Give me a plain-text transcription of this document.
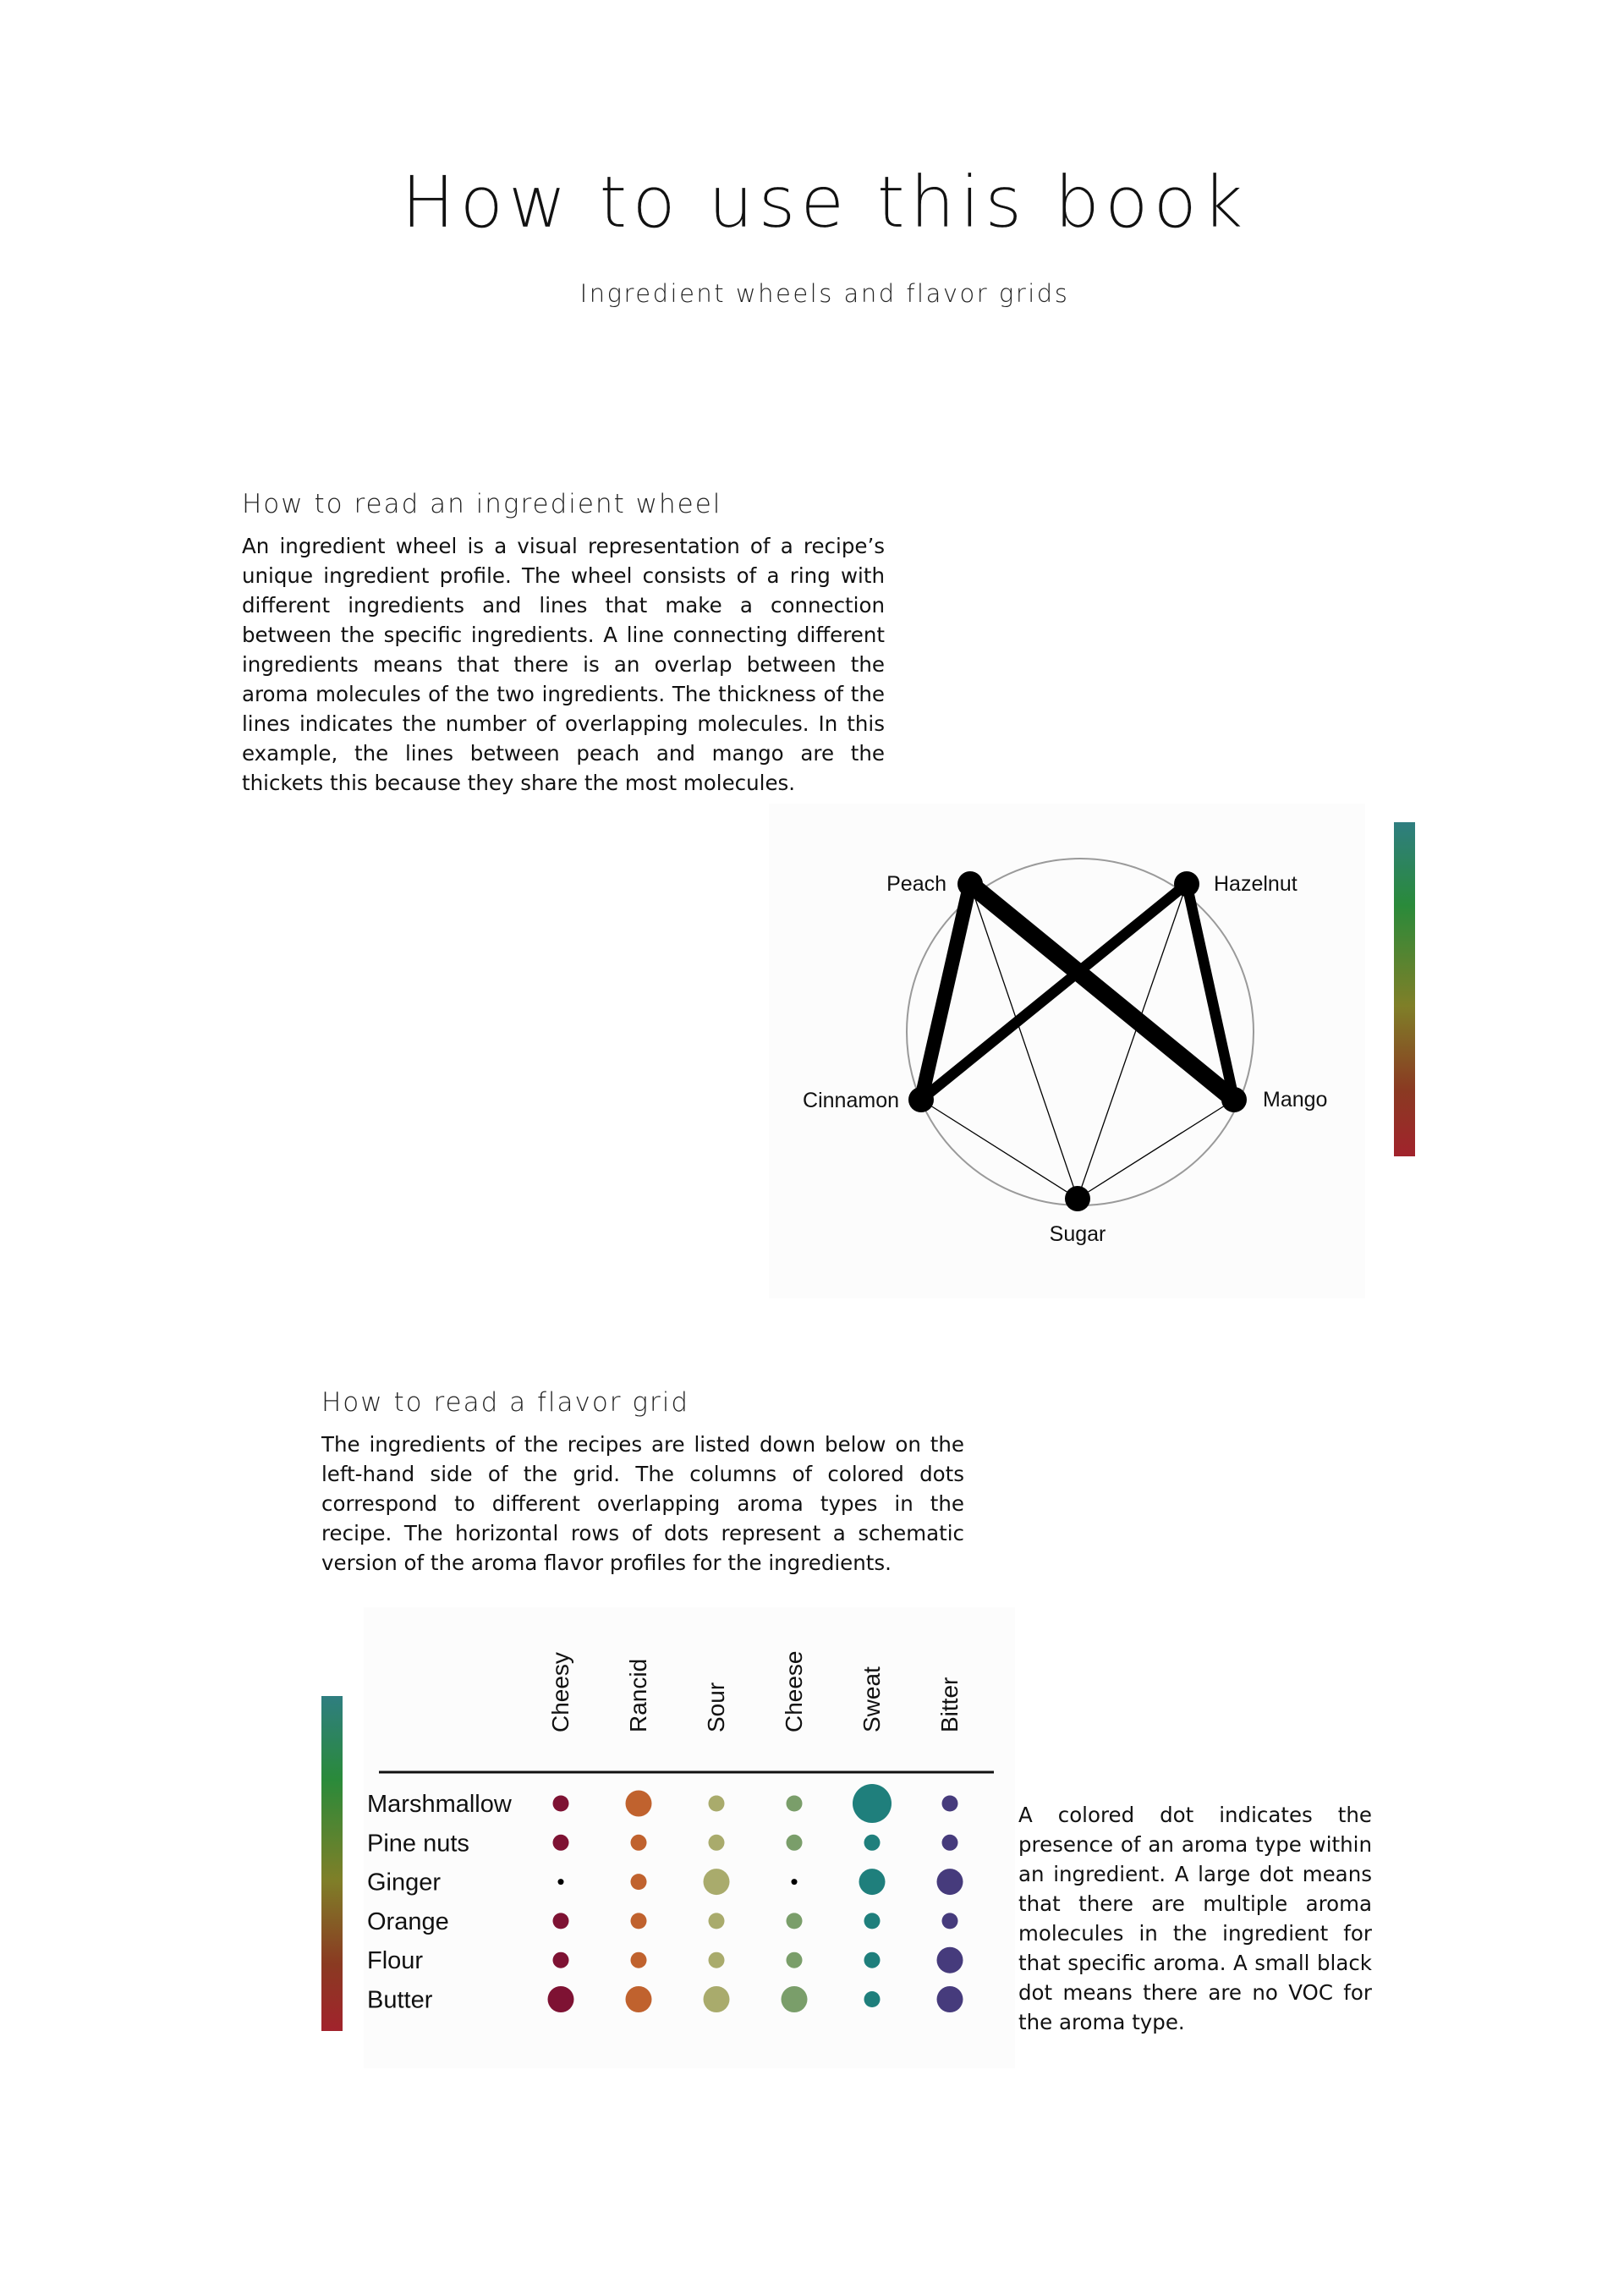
How to use this book
Ingredient wheels and flavor grids
How to read an ingredient wheel
An ingredient wheel is a visual representation of a recipe’s unique ingredient profile. The wheel consists of a ring with different ingredients and lines that make a connection between the specific ingredients. A line connecting different ingredients means that there is an overlap between the aroma molecules of the two ingredients. The thickness of the lines indicates the number of overlapping molecules. In this example, the lines between peach and mango are the thickets this because they share the most molecules.
Peach	Hazelnut
Cinnamon	Mango
Sugar
How to read a flavor grid
The ingredients of the recipes are listed down below on the left-hand side of the grid. The columns of colored dots correspond to different overlapping aroma types in the recipe. The horizontal rows of dots represent a schematic version of the aroma flavor profiles for the ingredients.
Cheesy Rancid Sour Cheese Sweat Bitter
Marshmallow
Pine nuts
Ginger
Orange
Flour
Butter
A colored dot indicates the presence of an aroma type within an ingredient. A large dot means that there are multiple aroma molecules in the ingredient for that specific aroma. A small black dot means there are no VOC for the aroma type.
